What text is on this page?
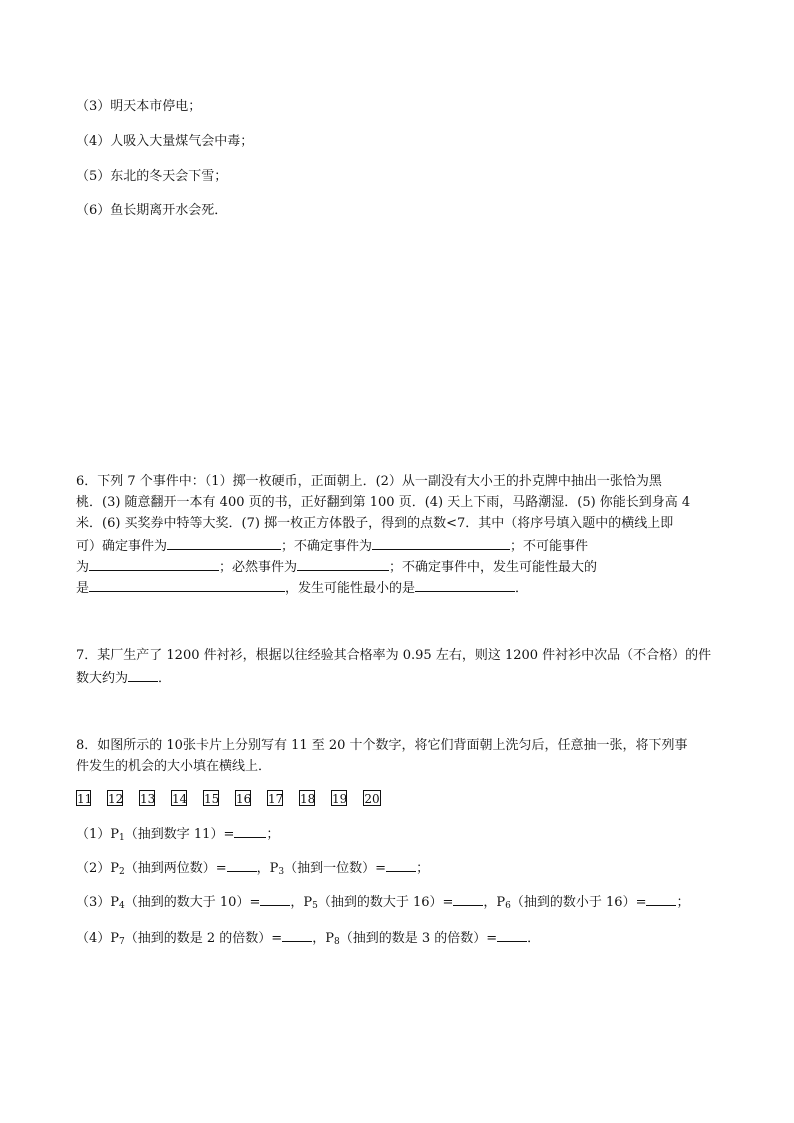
（3）明天本市停电；
（4）人吸入大量煤气会中毒；
（5）东北的冬天会下雪；
（6）鱼长期离开水会死．
6．下列 7 个事件中：（1）掷一枚硬币，正面朝上．(2）从一副没有大小王的扑克牌中抽出一张恰为黑
桃．(3) 随意翻开一本有 400 页的书，正好翻到第 100 页．(4) 天上下雨，马路潮湿．(5) 你能长到身高 4
米．(6) 买奖券中特等大奖．(7) 掷一枚正方体骰子，得到的点数<7．其中（将序号填入题中的横线上即
可）确定事件为	；不确定事件为	；不可能事件
为	；必然事件为	；不确定事件中，发生可能性最大的
是	，发生可能性最小的是	．
7．某厂生产了 1200 件衬衫，根据以往经验其合格率为 0.95 左右，则这 1200 件衬衫中次品（不合格）的件
数大约为 ．
8．如图所示的 10张卡片上分别写有 11 至 20 十个数字，将它们背面朝上洗匀后，任意抽一张，将下列事
件发生的机会的大小填在横线上．
11 12 13 14 15 16 17 18 19 20
$(1)P_1$（抽到数字 11）= ；
$(2)P_2$（抽到两位数）= ，$P_3$（抽到一位数）= ；
$(3)P_4$（抽到的数大于 10）= ，$P_5$（抽到的数大于 16）= ，$P_6$（抽到的数小于 16）= ；
$(4)P_7$（抽到的数是 2 的倍数）= ，$P_8$（抽到的数是 3 的倍数）= ．
